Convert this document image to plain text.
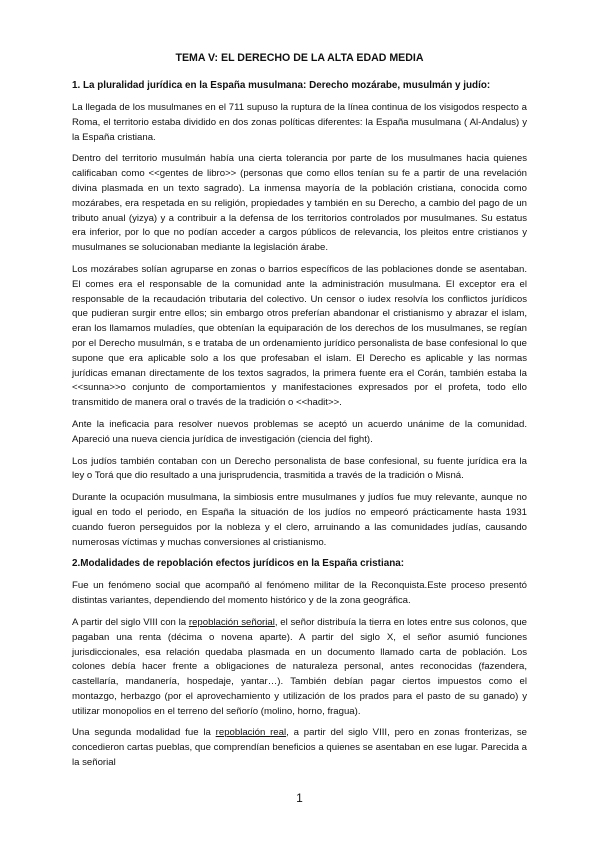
TEMA V: EL DERECHO DE LA ALTA EDAD MEDIA
1. La pluralidad jurídica en la España musulmana: Derecho mozárabe, musulmán y judío:

La llegada de los musulmanes en el 711 supuso la ruptura de la línea continua de los visigodos respecto a Roma, el territorio estaba dividido en dos zonas políticas diferentes: la España musulmana ( Al-Andalus) y la España cristiana.

Dentro del territorio musulmán había una cierta tolerancia por parte de los musulmanes hacia quienes calificaban como <<gentes de libro>> (personas que como ellos tenían su fe a partir de una revelación divina plasmada en un texto sagrado). La inmensa mayoría de la población cristiana, conocida como mozárabes, era respetada en su religión, propiedades y también en su Derecho, a cambio del pago de un tributo anual (yizya) y a contribuir a la defensa de los territorios controlados por musulmanes. Su estatus era inferior, por lo que no podían acceder a cargos públicos de relevancia, los pleitos entre cristianos y musulmanes se solucionaban mediante la legislación árabe.

Los mozárabes solían agruparse en zonas o barrios específicos de las poblaciones donde se asentaban. El comes era el responsable de la comunidad ante la administración musulmana. El exceptor era el responsable de la recaudación tributaria del colectivo. Un censor o iudex resolvía los conflictos jurídicos que pudieran surgir entre ellos; sin embargo otros preferían abandonar el cristianismo y abrazar el islam, eran los llamamos muladíes, que obtenían la equiparación de los derechos de los musulmanes, se regían por el Derecho musulmán, s e trataba de un ordenamiento jurídico personalista de base confesional lo que supone que era aplicable solo a los que profesaban el islam. El Derecho es aplicable y las normas jurídicas emanan directamente de los textos sagrados, la primera fuente era el Corán, también estaba la <<sunna>>o conjunto de comportamientos y manifestaciones expresados por el profeta, todo ello transmitido de manera oral o través de la tradición o <<hadit>>.

Ante la ineficacia para resolver nuevos problemas se aceptó un acuerdo unánime de la comunidad. Apareció una nueva ciencia jurídica de investigación (ciencia del fight).

Los judíos también contaban con un Derecho personalista de base confesional, su fuente jurídica era la ley o Torá que dio resultado a una jurisprudencia, trasmitida a través de la tradición o Misná.

Durante la ocupación musulmana, la simbiosis entre musulmanes y judíos fue muy relevante, aunque no igual en todo el periodo, en España la situación de los judíos no empeoró prácticamente hasta 1931 cuando fueron perseguidos por la nobleza y el clero, arruinando a las comunidades judías, causando numerosas víctimas y muchas conversiones al cristianismo.

2.Modalidades de repoblación efectos jurídicos en la España cristiana:

Fue un fenómeno social que acompañó al fenómeno militar de la Reconquista.Este proceso presentó distintas variantes, dependiendo del momento histórico y de la zona geográfica.

A partir del siglo VIII con la repoblación señorial, el señor distribuía la tierra en lotes entre sus colonos, que pagaban una renta (décima o novena aparte). A partir del siglo X, el señor asumió funciones jurisdiccionales, esa relación quedaba plasmada en un documento llamado carta de población. Los colones debía hacer frente a obligaciones de naturaleza personal, antes reconocidas (fazendera, castellaría, mandanería, hospedaje, yantar…). También debían pagar ciertos impuestos como el montazgo, herbazgo (por el aprovechamiento y utilización de los prados para el pasto de su ganado) y utilizar monopolios en el terreno del señorío (molino, horno, fragua).

Una segunda modalidad fue la repoblación real, a partir del siglo VIII, pero en zonas fronterizas, se concedieron cartas pueblas, que comprendían beneficios a quienes se asentaban en ese lugar. Parecida a la señorial

1
